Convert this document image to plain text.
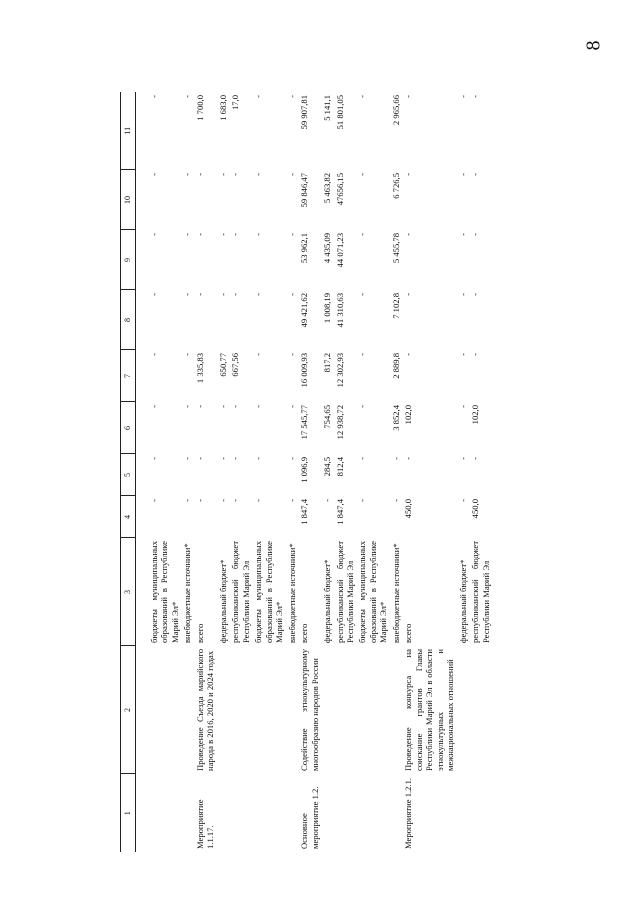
8
1	2	3	4	5	6	7	8	9	10	11

		бюджеты муниципальных образований в Республике Марий Эл*	-	-	-	-	-	-	-	-
		внебюджетные источники*	-	-	-	-	-	-	-	-
Мероприятие 1.1.17.	Проведение Съезда марийского народа в 2016, 2020 и 2024 годах	всего	-	-	-	1 335,83	-	-	-	1 700,0
		федеральный бюджет*	-	-	-	650,77	-	-	-	1 683,0
		республиканский бюджет Республики Марий Эл	-	-	-	667,56	-	-	-	17,0
		бюджеты муниципальных образований в Республике Марий Эл*	-	-	-	-	-	-	-	-
		внебюджетные источники*	-	-	-	-	-	-	-	-
Основное мероприятие 1.2.	Содействие этнокультурному многообразию народов России	всего	1 847,4	1 096,9	17 545,77	16 009,93	49 421,62	53 962,1	59 846,47	59 907,81
		федеральный бюджет*	-	284,5	754,65	817,2	1 008,19	4 435,09	5 463,82	5 141,1
		республиканский бюджет Республики Марий Эл	1 847,4	812,4	12 938,72	12 302,93	41 310,63	44 071,23	47656,15	51 801,05
		бюджеты муниципальных образований в Республике Марий Эл*	-	-	-	-	-	-	-	-
		внебюджетные источники*	-	-	3 852,4	2 889,8	7 102,8	5 455,78	6 726,5	2 965,66
Мероприятие 1.2.1.	Проведение конкурса на соискание грантов Главы Республики Марий Эл в области этнокультурных и межнациональных отношений	всего	450,0	-	102,0	-	-	-	-	-
		федеральный бюджет*	-	-	-	-	-	-	-	-
		республиканский бюджет Республики Марий Эл	450,0	-	102,0	-	-	-	-	-
